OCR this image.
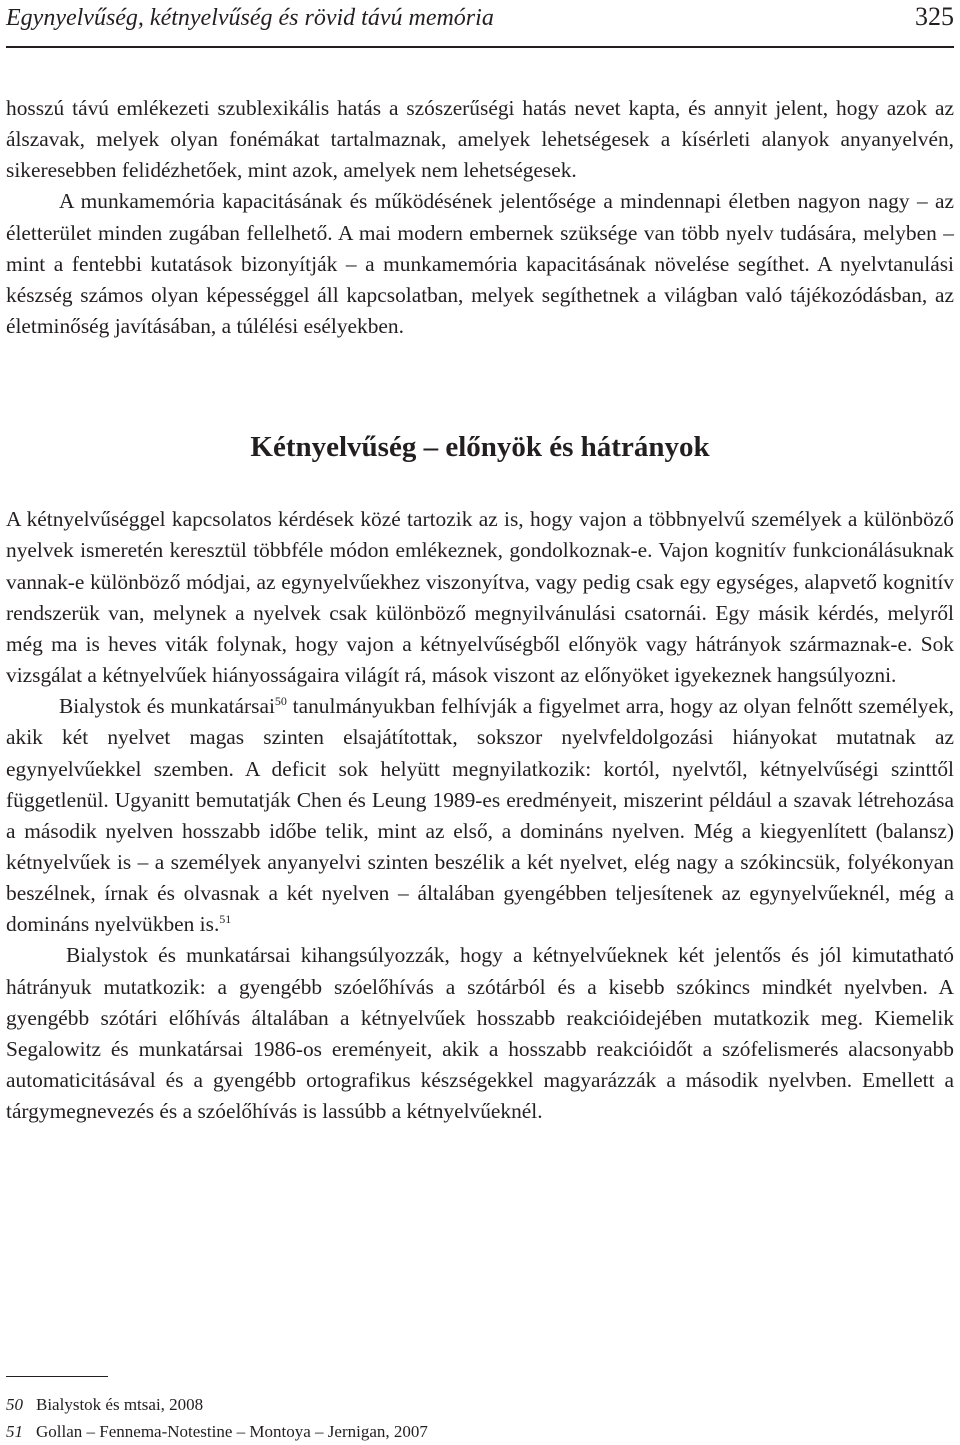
Egynyelvűség, kétnyelvűség és rövid távú memória	325

hosszú távú emlékezeti szublexikális hatás a szószerűségi hatás nevet kapta, és annyit jelent, hogy azok az álszavak, melyek olyan fonémákat tartalmaznak, amelyek lehetségesek a kísérleti alanyok anyanyelvén, sikeresebben felidézhetőek, mint azok, amelyek nem lehetségesek.

A munkamemória kapacitásának és működésének jelentősége a mindennapi életben nagyon nagy – az életterület minden zugában fellelhető. A mai modern embernek szüksége van több nyelv tudására, melyben – mint a fentebbi kutatások bizonyítják – a munkamemória kapacitásának növelése segíthet. A nyelvtanulási készség számos olyan képességgel áll kapcsolatban, melyek segíthetnek a világban való tájékozódásban, az életminőség javításában, a túlélési esélyekben.

Kétnyelvűség – előnyök és hátrányok

A kétnyelvűséggel kapcsolatos kérdések közé tartozik az is, hogy vajon a többnyelvű személyek a különböző nyelvek ismeretén keresztül többféle módon emlékeznek, gondolkoznak-e. Vajon kognitív funkcionálásuknak vannak-e különböző módjai, az egynyelvűekhez viszonyítva, vagy pedig csak egy egységes, alapvető kognitív rendszerük van, melynek a nyelvek csak különböző megnyilvánulási csatornái. Egy másik kérdés, melyről még ma is heves viták folynak, hogy vajon a kétnyelvűségből előnyök vagy hátrányok származnak-e. Sok vizsgálat a kétnyelvűek hiányosságaira világít rá, mások viszont az előnyöket igyekeznek hangsúlyozni.

Bialystok és munkatársai$^{50}$ tanulmányukban felhívják a figyelmet arra, hogy az olyan felnőtt személyek, akik két nyelvet magas szinten elsajátítottak, sokszor nyelvfeldolgozási hiányokat mutatnak az egynyelvűekkel szemben. A deficit sok helyütt megnyilatkozik: kortól, nyelvtől, kétnyelvűségi szinttől függetlenül. Ugyanitt bemutatják Chen és Leung 1989-es eredményeit, miszerint például a szavak létrehozása a második nyelven hosszabb időbe telik, mint az első, a domináns nyelven. Még a kiegyenlített (balansz) kétnyelvűek is – a személyek anyanyelvi szinten beszélik a két nyelvet, elég nagy a szókincsük, folyékonyan beszélnek, írnak és olvasnak a két nyelven – általában gyengébben teljesítenek az egynyelvűeknél, még a domináns nyelvükben is.$^{51}$

Bialystok és munkatársai kihangsúlyozzák, hogy a kétnyelvűeknek két jelentős és jól kimutatható hátrányuk mutatkozik: a gyengébb szóelőhívás a szótárból és a kisebb szókincs mindkét nyelvben. A gyengébb szótári előhívás általában a kétnyelvűek hosszabb reakcióidejében mutatkozik meg. Kiemelik Segalowitz és munkatársai 1986-os ereményeit, akik a hosszabb reakcióidőt a szófelismerés alacsonyabb automaticitásával és a gyengébb ortografikus készségekkel magyarázzák a második nyelvben. Emellett a tárgymegnevezés és a szóelőhívás is lassúbb a kétnyelvűeknél.

50 Bialystok és mtsai, 2008
51 Gollan – Fennema-Notestine – Montoya – Jernigan, 2007
